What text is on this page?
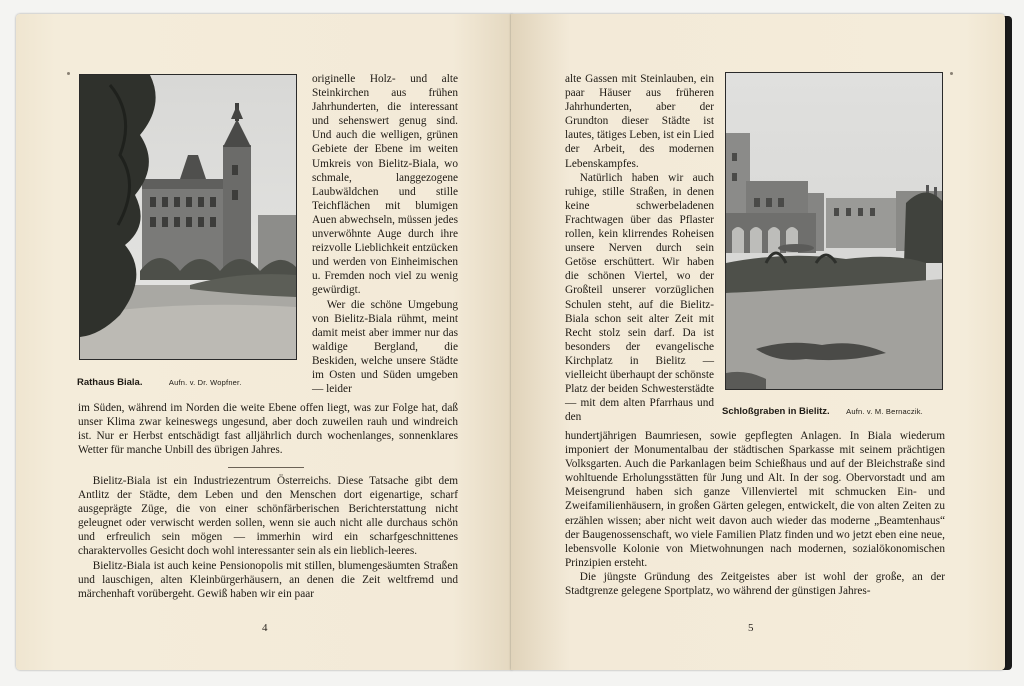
Rathaus Biala.	Aufn. v. Dr. Wopfner.

originelle Holz- und alte Steinkirchen aus frühen Jahrhunderten, die interessant und sehenswert genug sind. Und auch die welligen, grünen Gebiete der Ebene im weiten Umkreis von Bielitz-Biala, wo schmale, langgezogene Laubwäldchen und stille Teichflächen mit blumigen Auen abwechseln, müssen jedes unverwöhnte Auge durch ihre reizvolle Lieblichkeit entzücken und werden von Einheimischen u. Fremden noch viel zu wenig gewürdigt.

Wer die schöne Umgebung von Bielitz-Biala rühmt, meint damit meist aber immer nur das waldige Bergland, die Beskiden, welche unsere Städte im Osten und Süden umgeben — leider

im Süden, während im Norden die weite Ebene offen liegt, was zur Folge hat, daß unser Klima zwar keineswegs ungesund, aber doch zuweilen rauh und windreich ist. Nur er Herbst entschädigt fast alljährlich durch wochenlanges, sonnenklares Wetter für manche Unbill des übrigen Jahres.

Bielitz-Biala ist ein Industriezentrum Österreichs. Diese Tatsache gibt dem Antlitz der Städte, dem Leben und den Menschen dort eigenartige, scharf ausgeprägte Züge, die von einer schönfärberischen Berichterstattung nicht geleugnet oder verwischt werden sollen, wenn sie auch nicht alle durchaus schön und erfreulich sein mögen — immerhin wird ein scharfgeschnittenes charaktervolles Gesicht doch wohl interessanter sein als ein lieblich-leeres.

Bielitz-Biala ist auch keine Pensionopolis mit stillen, blumengesäumten Straßen und lauschigen, alten Kleinbürgerhäusern, an denen die Zeit weltfremd und märchenhaft vorübergeht. Gewiß haben wir ein paar

4

alte Gassen mit Steinlauben, ein paar Häuser aus früheren Jahrhunderten, aber der Grundton dieser Städte ist lautes, tätiges Leben, ist ein Lied der Arbeit, des modernen Lebenskampfes.

Natürlich haben wir auch ruhige, stille Straßen, in denen keine schwerbeladenen Frachtwagen über das Pflaster rollen, kein klirrendes Roheisen unsere Nerven durch sein Getöse erschüttert. Wir haben die schönen Viertel, wo der Großteil unserer vorzüglichen Schulen steht, auf die Bielitz-Biala schon seit alter Zeit mit Recht stolz sein darf. Da ist besonders der evangelische Kirchplatz in Bielitz — vielleicht überhaupt der schönste Platz der beiden Schwesterstädte — mit dem alten Pfarrhaus und den	Schloßgraben in Bielitz. Aufn. v. M. Bernaczik.

hundertjährigen Baumriesen, sowie gepflegten Anlagen. In Biala wiederum imponiert der Monumentalbau der städtischen Sparkasse mit seinem prächtigen Volksgarten. Auch die Parkanlagen beim Schießhaus und auf der Bleichstraße sind wohltuende Erholungsstätten für Jung und Alt. In der sog. Obervorstadt und am Meisengrund haben sich ganze Villenviertel mit schmucken Ein- und Zweifamilienhäusern, in großen Gärten gelegen, entwickelt, die von alten Zeiten zu erzählen wissen; aber nicht weit davon auch wieder das moderne „Beamtenhaus“ der Baugenossenschaft, wo viele Familien Platz finden und wo jetzt eben eine neue, lebensvolle Kolonie von Mietwohnungen nach modernen, sozialökonomischen Prinzipien ersteht.

Die jüngste Gründung des Zeitgeistes aber ist wohl der große, an der Stadtgrenze gelegene Sportplatz, wo während der günstigen Jahres-

5
